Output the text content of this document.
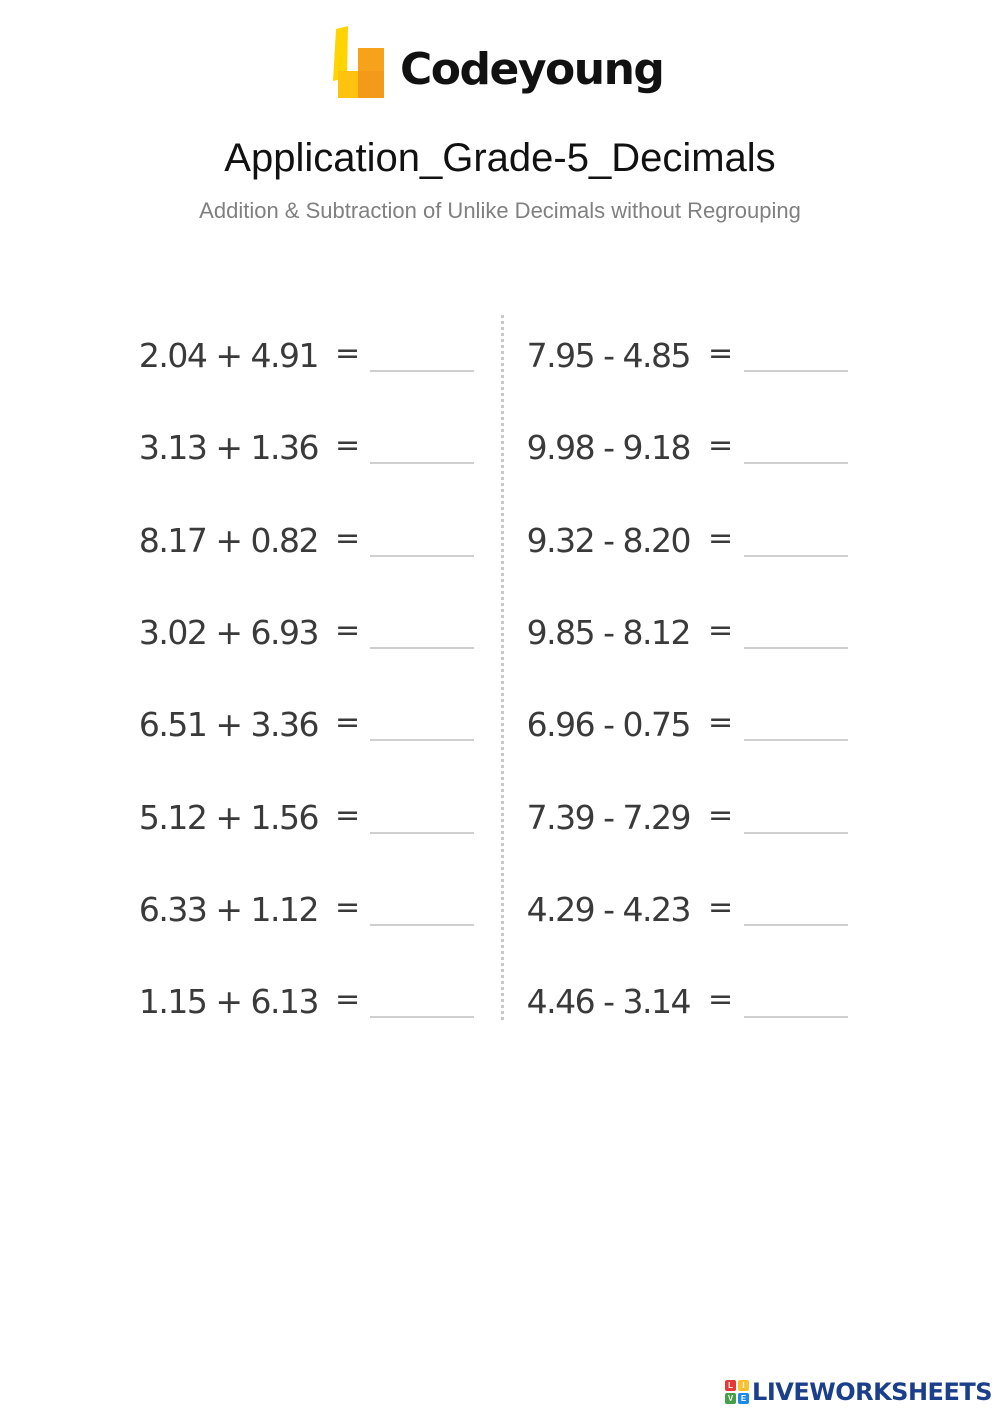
Codeyoung
Application_Grade-5_Decimals
Addition & Subtraction of Unlike Decimals without Regrouping
2.04 + 4.91 =
3.13 + 1.36 =
8.17 + 0.82 =
3.02 + 6.93 =
6.51 + 3.36 =
5.12 + 1.56 =
6.33 + 1.12 =
1.15 + 6.13 =
7.95 - 4.85 =
9.98 - 9.18 =
9.32 - 8.20 =
9.85 - 8.12 =
6.96 - 0.75 =
7.39 - 7.29 =
4.29 - 4.23 =
4.46 - 3.14 =
L	I
V E LIVEWORKSHEETS
